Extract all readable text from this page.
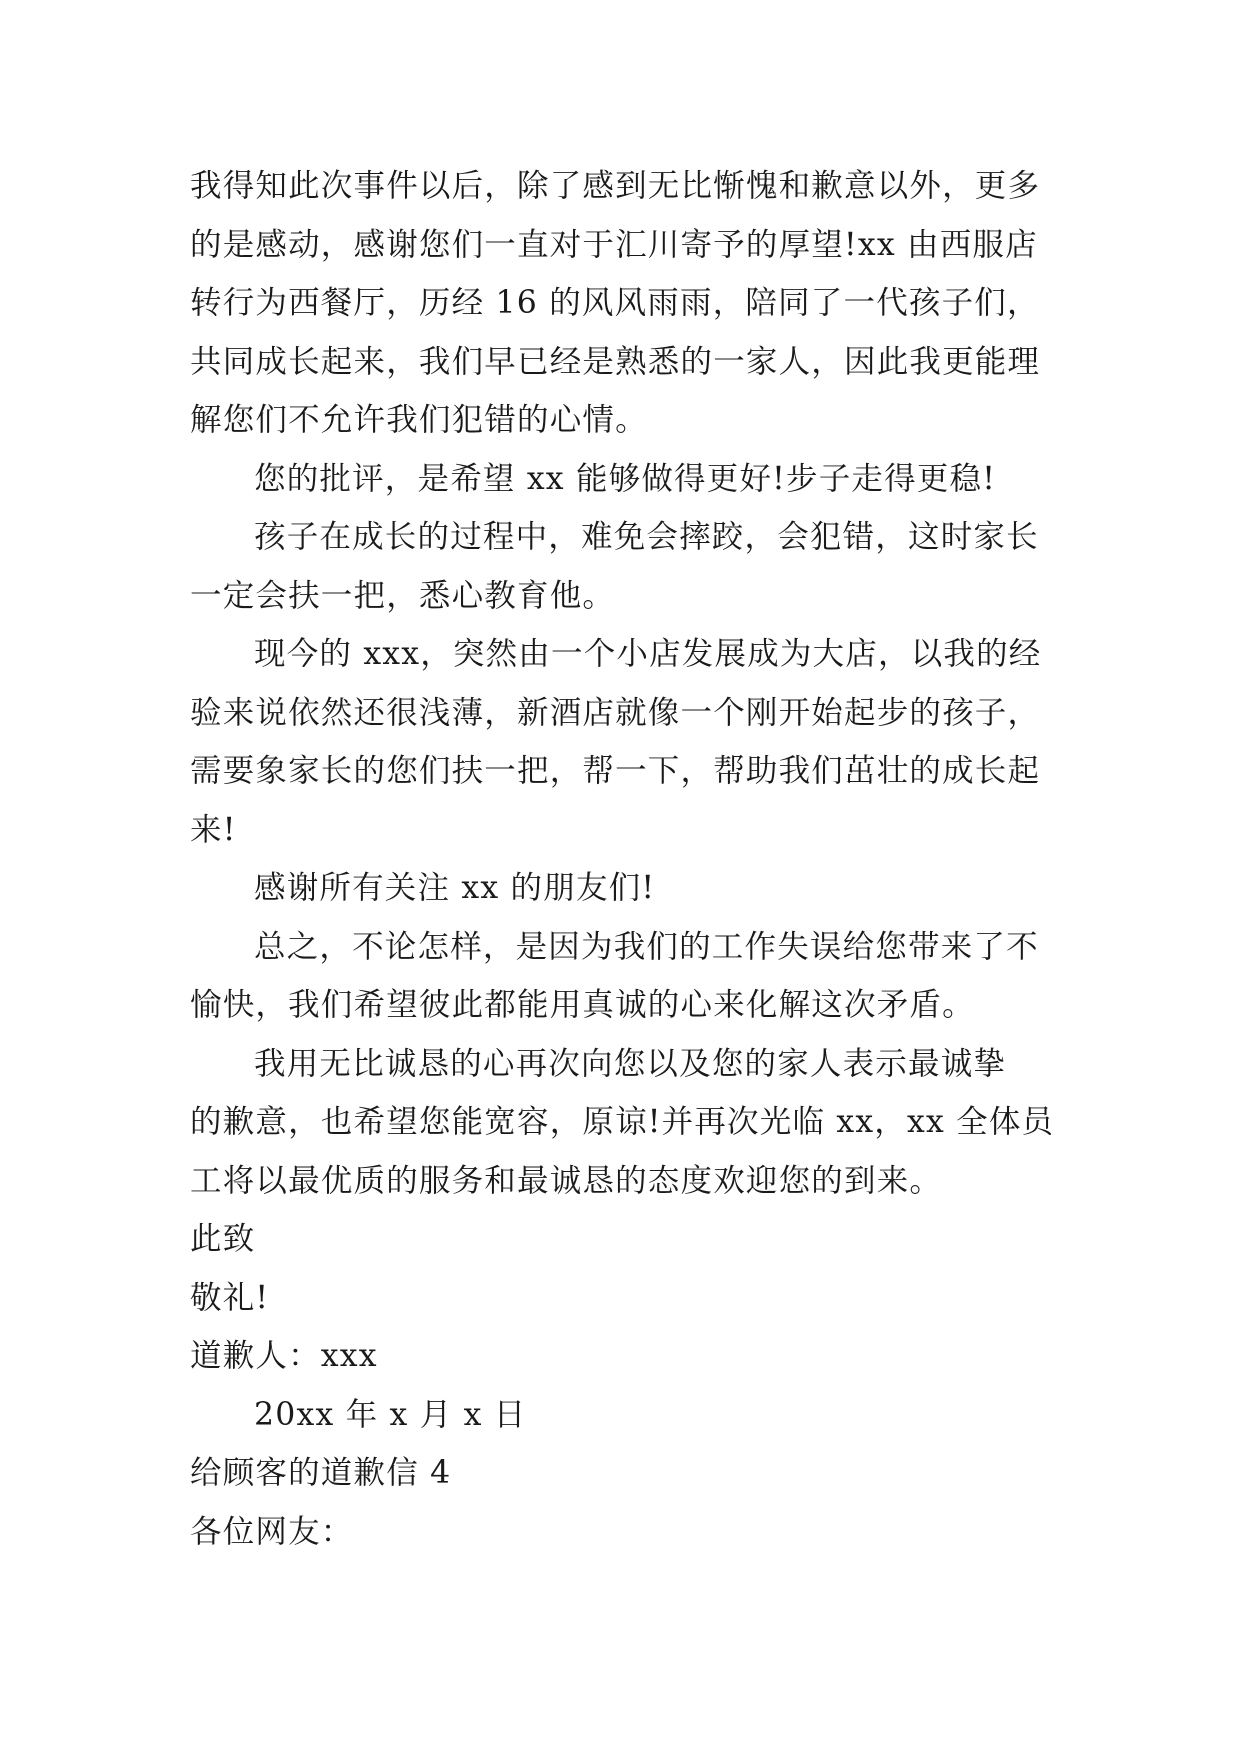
我得知此次事件以后，除了感到无比惭愧和歉意以外，更多
的是感动，感谢您们一直对于汇川寄予的厚望!xx 由西服店
转行为西餐厅，历经 16 的风风雨雨，陪同了一代孩子们，
共同成长起来，我们早已经是熟悉的一家人，因此我更能理
解您们不允许我们犯错的心情。
您的批评，是希望 xx 能够做得更好!步子走得更稳!
孩子在成长的过程中，难免会摔跤，会犯错，这时家长
一定会扶一把，悉心教育他。
现今的 xxx，突然由一个小店发展成为大店，以我的经
验来说依然还很浅薄，新酒店就像一个刚开始起步的孩子，
需要象家长的您们扶一把，帮一下，帮助我们茁壮的成长起
来!
感谢所有关注 xx 的朋友们!
总之，不论怎样，是因为我们的工作失误给您带来了不
愉快，我们希望彼此都能用真诚的心来化解这次矛盾。
我用无比诚恳的心再次向您以及您的家人表示最诚挚
的歉意，也希望您能宽容，原谅!并再次光临 xx，xx 全体员
工将以最优质的服务和最诚恳的态度欢迎您的到来。
此致
敬礼!
道歉人：xxx
20xx 年 x 月 x 日
给顾客的道歉信 4
各位网友：
